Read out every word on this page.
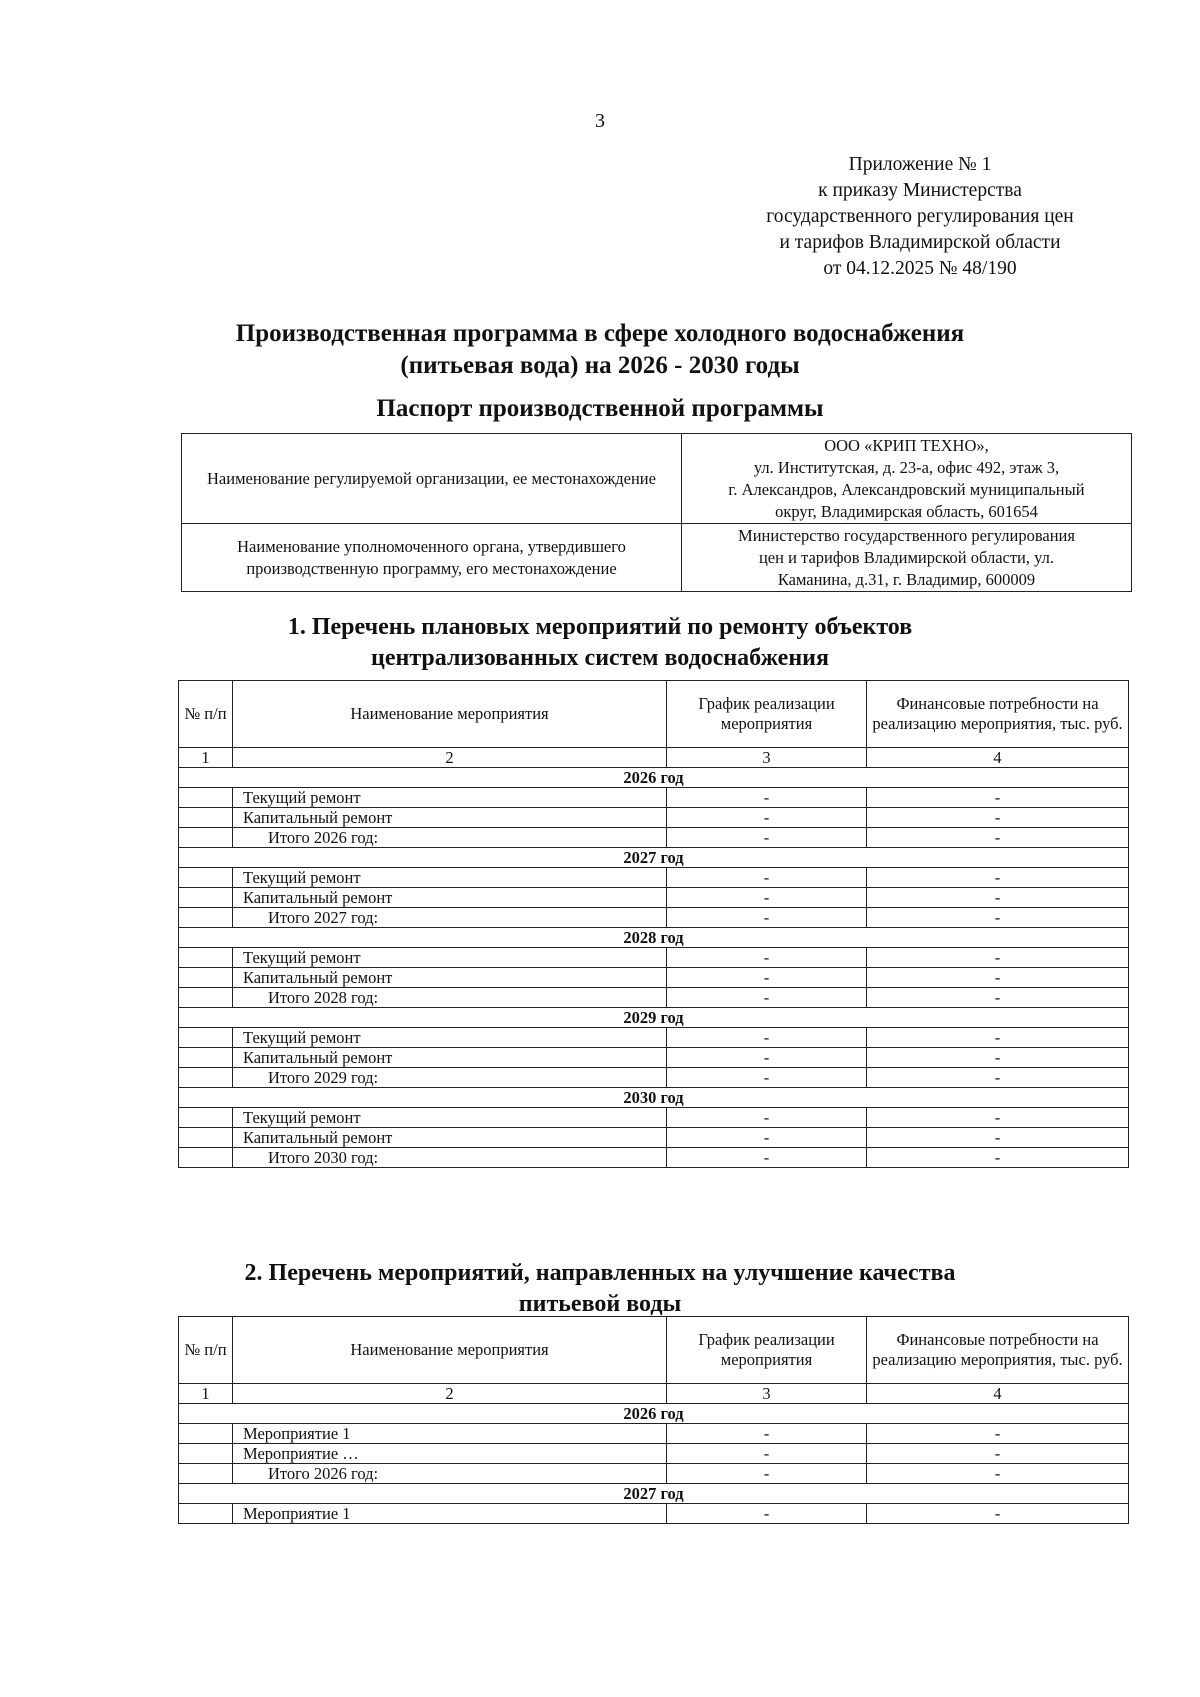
3
Приложение № 1
к приказу Министерства
государственного регулирования цен
и тарифов Владимирской области
от 04.12.2025 № 48/190
Производственная программа в сфере холодного водоснабжения
(питьевая вода) на 2026 - 2030 годы
Паспорт производственной программы
Наименование регулируемой организации, ее местонахождение	ООО «КРИП ТЕХНО»,
ул. Институтская, д. 23-а, офис 492, этаж 3,
г. Александров, Александровский муниципальный
округ, Владимирская область, 601654

Наименование уполномоченного органа, утвердившего производственную программу, его местонахождение	Министерство государственного регулирования
цен и тарифов Владимирской области, ул.
Каманина, д.31, г. Владимир, 600009
1. Перечень плановых мероприятий по ремонту объектов
централизованных систем водоснабжения
№ п/п	Наименование мероприятия	График реализации мероприятия	Финансовые потребности на реализацию мероприятия, тыс. руб.
1	2	3	4
2026 год			
	Текущий ремонт	-	-
	Капитальный ремонт	-	-
	Итого 2026 год:	-	-
2027 год			
	Текущий ремонт	-	-
	Капитальный ремонт	-	-
	Итого 2027 год:	-	-
2028 год			
	Текущий ремонт	-	-
	Капитальный ремонт	-	-
	Итого 2028 год:	-	-
2029 год			
	Текущий ремонт	-	-
	Капитальный ремонт	-	-
	Итого 2029 год:	-	-
2030 год			
	Текущий ремонт	-	-
	Капитальный ремонт	-	-
	Итого 2030 год:	-	-
2. Перечень мероприятий, направленных на улучшение качества
питьевой воды
№ п/п	Наименование мероприятия	График реализации мероприятия	Финансовые потребности на реализацию мероприятия, тыс. руб.
1	2	3	4
2026 год			
	Мероприятие 1	-	-
	Мероприятие …	-	-
	Итого 2026 год:	-	-
2027 год			
	Мероприятие 1	-	-
